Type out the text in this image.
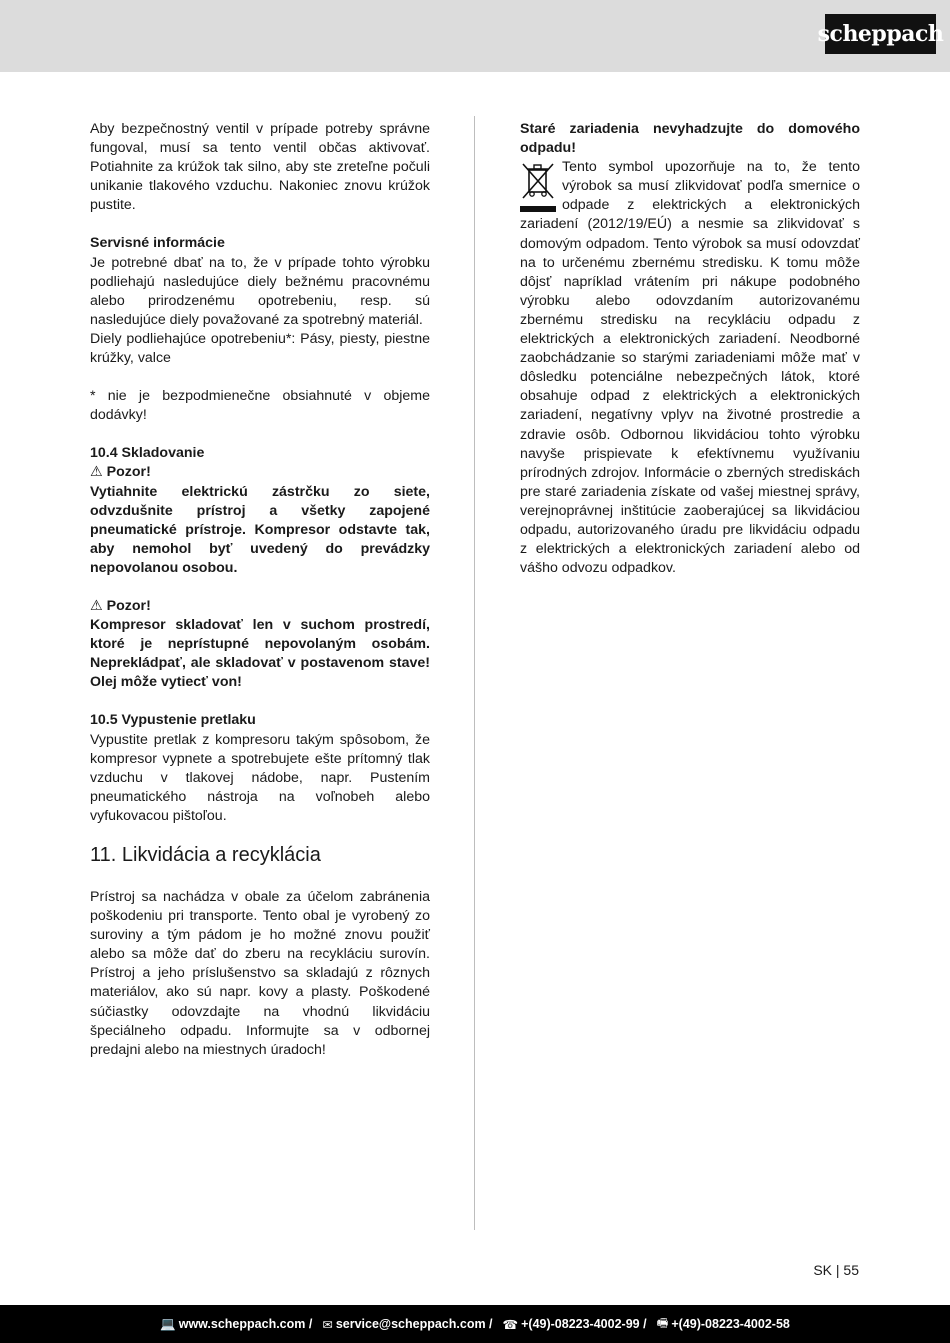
scheppach

Aby bezpečnostný ventil v prípade potreby správne fungoval, musí sa tento ventil občas aktivovať. Potiahnite za krúžok tak silno, aby ste zreteľne počuli unikanie tlakového vzduchu. Nakoniec znovu krúžok pustite.

Servisné informácie

Je potrebné dbať na to, že v prípade tohto výrobku podliehajú nasledujúce diely bežnému pracovnému alebo prirodzenému opotrebeniu, resp. sú nasledujúce diely považované za spotrebný materiál.

Diely podliehajúce opotrebeniu*: Pásy, piesty, piestne krúžky, valce

* nie je bezpodmienečne obsiahnuté v objeme dodávky!

10.4 Skladovanie

⚠ Pozor!

Vytiahnite elektrickú zástrčku zo siete, odvzdušnite prístroj a všetky zapojené pneumatické prístroje. Kompresor odstavte tak, aby nemohol byť uvedený do prevádzky nepovolanou osobou.

⚠ Pozor!

Kompresor skladovať len v suchom prostredí, ktoré je neprístupné nepovolaným osobám. Neprekládpať, ale skladovať v postavenom stave! Olej môže vytiecť von!

10.5 Vypustenie pretlaku

Vypustite pretlak z kompresoru takým spôsobom, že kompresor vypnete a spotrebujete ešte prítomný tlak vzduchu v tlakovej nádobe, napr. Pustením pneumatického nástroja na voľnobeh alebo vyfukovacou pištoľou.

11. Likvidácia a recyklácia

Prístroj sa nachádza v obale za účelom zabránenia poškodeniu pri transporte. Tento obal je vyrobený zo suroviny a tým pádom je ho možné znovu použiť alebo sa môže dať do zberu na recykláciu surovín. Prístroj a jeho príslušenstvo sa skladajú z rôznych materiálov, ako sú napr. kovy a plasty. Poškodené súčiastky odovzdajte na vhodnú likvidáciu špeciálneho odpadu. Informujte sa v odbornej predajni alebo na miestnych úradoch!

Staré zariadenia nevyhadzujte do domového odpadu!

Tento symbol upozorňuje na to, že tento výrobok sa musí zlikvidovať podľa smernice o odpade z elektrických a elektronických zariadení (2012/19/EÚ) a nesmie sa zlikvidovať s domovým odpadom. Tento výrobok sa musí odovzdať na to určenému zbernému stredisku. K tomu môže dôjsť napríklad vrátením pri nákupe podobného výrobku alebo odovzdaním autorizovanému zbernému stredisku na recykláciu odpadu z elektrických a elektronických zariadení. Neodborné zaobchádzanie so starými zariadeniami môže mať v dôsledku potenciálne nebezpečných látok, ktoré obsahuje odpad z elektrických a elektronických zariadení, negatívny vplyv na životné prostredie a zdravie osôb. Odbornou likvidáciou tohto výrobku navyše prispievate k efektívnemu využívaniu prírodných zdrojov. Informácie o zberných strediskách pre staré zariadenia získate od vašej miestnej správy, verejnoprávnej inštitúcie zaoberajúcej sa likvidáciou odpadu, autorizovaného úradu pre likvidáciu odpadu z elektrických a elektronických zariadení alebo od vášho odvozu odpadkov.

SK | 55
💻 www.scheppach.com / ✉ service@scheppach.com / ☎ +(49)-08223-4002-99 / 🖷 +(49)-08223-4002-58
